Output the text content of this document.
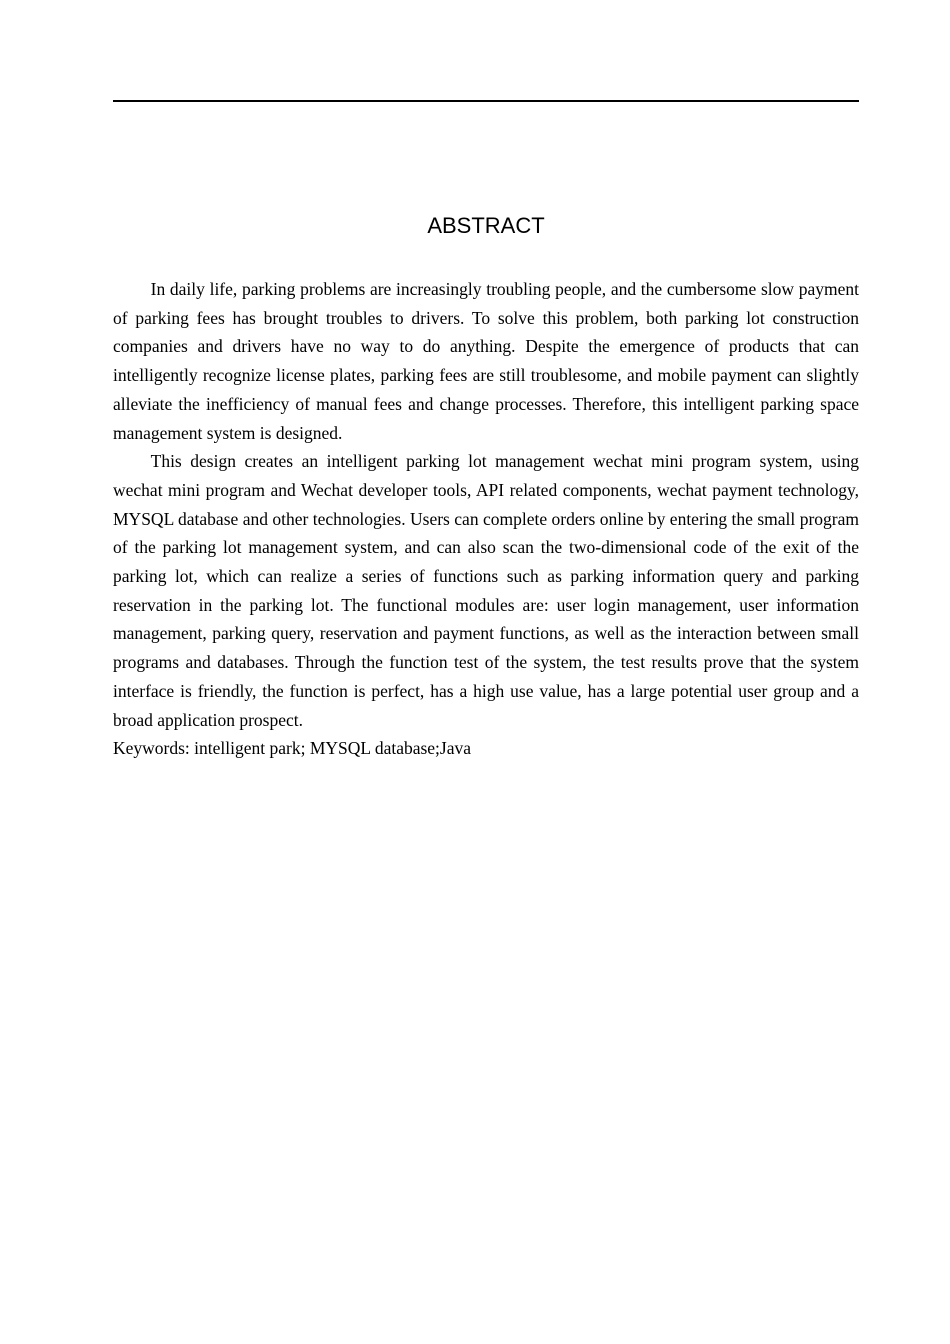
ABSTRACT

In daily life, parking problems are increasingly troubling people, and the cumbersome slow payment of parking fees has brought troubles to drivers. To solve this problem, both parking lot construction companies and drivers have no way to do anything. Despite the emergence of products that can intelligently recognize license plates, parking fees are still troublesome, and mobile payment can slightly alleviate the inefficiency of manual fees and change processes. Therefore, this intelligent parking space management system is designed.

This design creates an intelligent parking lot management wechat mini program system, using wechat mini program and Wechat developer tools, API related components, wechat payment technology, MYSQL database and other technologies. Users can complete orders online by entering the small program of the parking lot management system, and can also scan the two-dimensional code of the exit of the parking lot, which can realize a series of functions such as parking information query and parking reservation in the parking lot. The functional modules are: user login management, user information management, parking query, reservation and payment functions, as well as the interaction between small programs and databases. Through the function test of the system, the test results prove that the system interface is friendly, the function is perfect, has a high use value, has a large potential user group and a broad application prospect.

Keywords: intelligent park; MYSQL database;Java
